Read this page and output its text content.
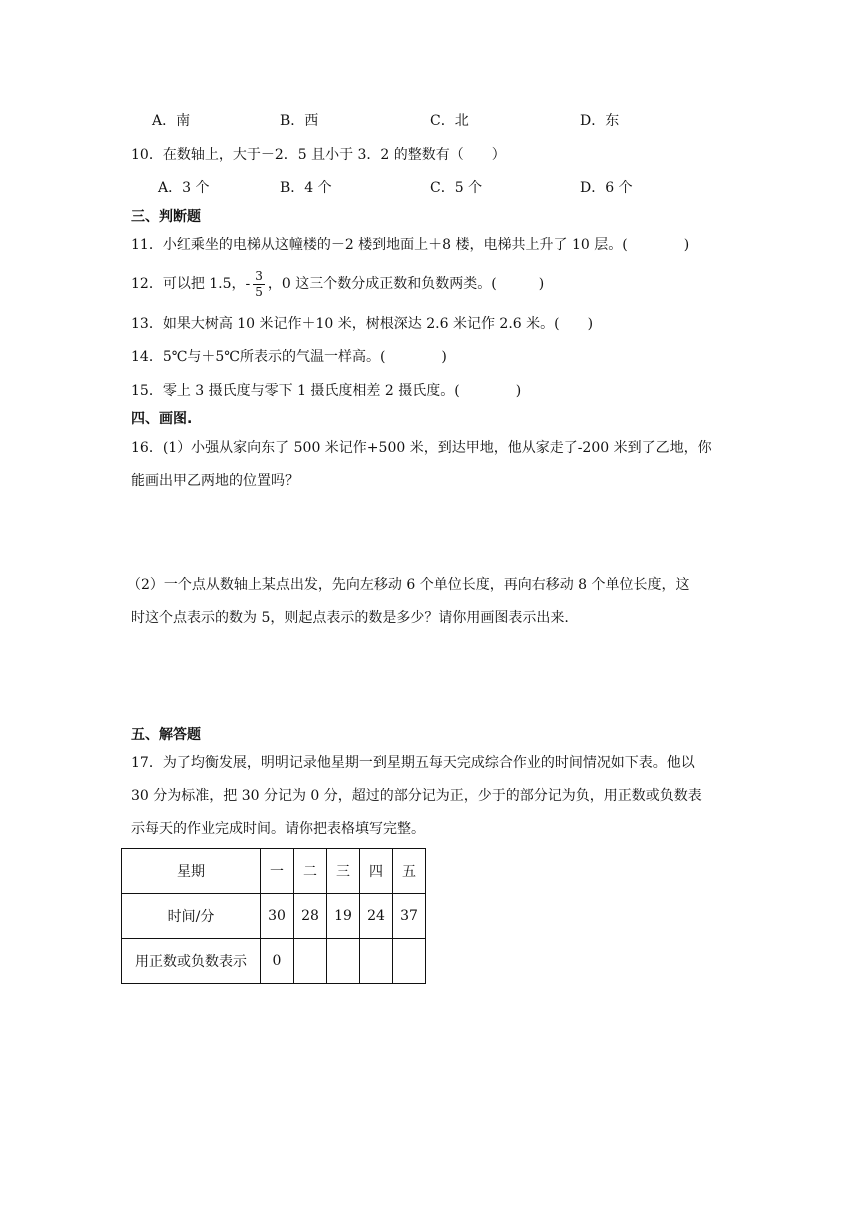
A．南	B．西	C．北	D．东
10．在数轴上，大于－2．5 且小于 3．2 的整数有（　　）
A．3 个	B．4 个	C．5 个	D．6 个
三、判断题
11．小红乘坐的电梯从这幢楼的－2 楼到地面上＋8 楼，电梯共上升了 10 层。(　　　　)
12．可以把 1.5，- $\frac{3}{5}$ ，0 这三个数分成正数和负数两类。(　　　)
13．如果大树高 10 米记作＋10 米，树根深达 2.6 米记作 2.6 米。(　　)
14．5℃与＋5℃所表示的气温一样高。(　　　　)
15．零上 3 摄氏度与零下 1 摄氏度相差 2 摄氏度。(　　　　)
四、画图.
16．(1）小强从家向东了 500 米记作+500 米，到达甲地，他从家走了-200 米到了乙地，你
能画出甲乙两地的位置吗？
（2）一个点从数轴上某点出发，先向左移动 6 个单位长度，再向右移动 8 个单位长度，这
时这个点表示的数为 5，则起点表示的数是多少？请你用画图表示出来.
五、解答题
17．为了均衡发展，明明记录他星期一到星期五每天完成综合作业的时间情况如下表。他以
30 分为标准，把 30 分记为 0 分，超过的部分记为正，少于的部分记为负，用正数或负数表
示每天的作业完成时间。请你把表格填写完整。
星期	一	二	三	四	五
时间/分	30	28	19	24	37
用正数或负数表示	0				
